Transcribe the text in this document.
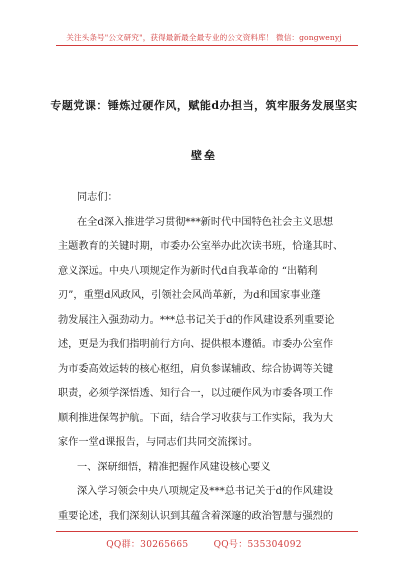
关注头条号"公文研究"，获得最新最全最专业的公文资料库！ 微信：gongwenyj
专题党课：锤炼过硬作风，赋能d办担当，筑牢服务发展坚实
壁垒
同志们：
在全d深入推进学习贯彻***新时代中国特色社会主义思想
主题教育的关键时期，市委办公室举办此次读书班，恰逢其时、
意义深远。中央八项规定作为新时代d自我革命的 “出鞘利
刃”，重塑d风政风，引领社会风尚革新，为d和国家事业蓬
勃发展注入强劲动力。***总书记关于d的作风建设系列重要论
述，更是为我们指明前行方向、提供根本遵循。市委办公室作
为市委高效运转的核心枢纽，肩负参谋辅政、综合协调等关键
职责，必须学深悟透、知行合一，以过硬作风为市委各项工作
顺利推进保驾护航。下面，结合学习收获与工作实际，我为大
家作一堂d课报告，与同志们共同交流探讨。
一、深研细悟，精准把握作风建设核心要义
深入学习领会中央八项规定及***总书记关于d的作风建设
重要论述，我们深刻认识到其蕴含着深邃的政治智慧与强烈的
QQ群：30265665	QQ号：535304092
